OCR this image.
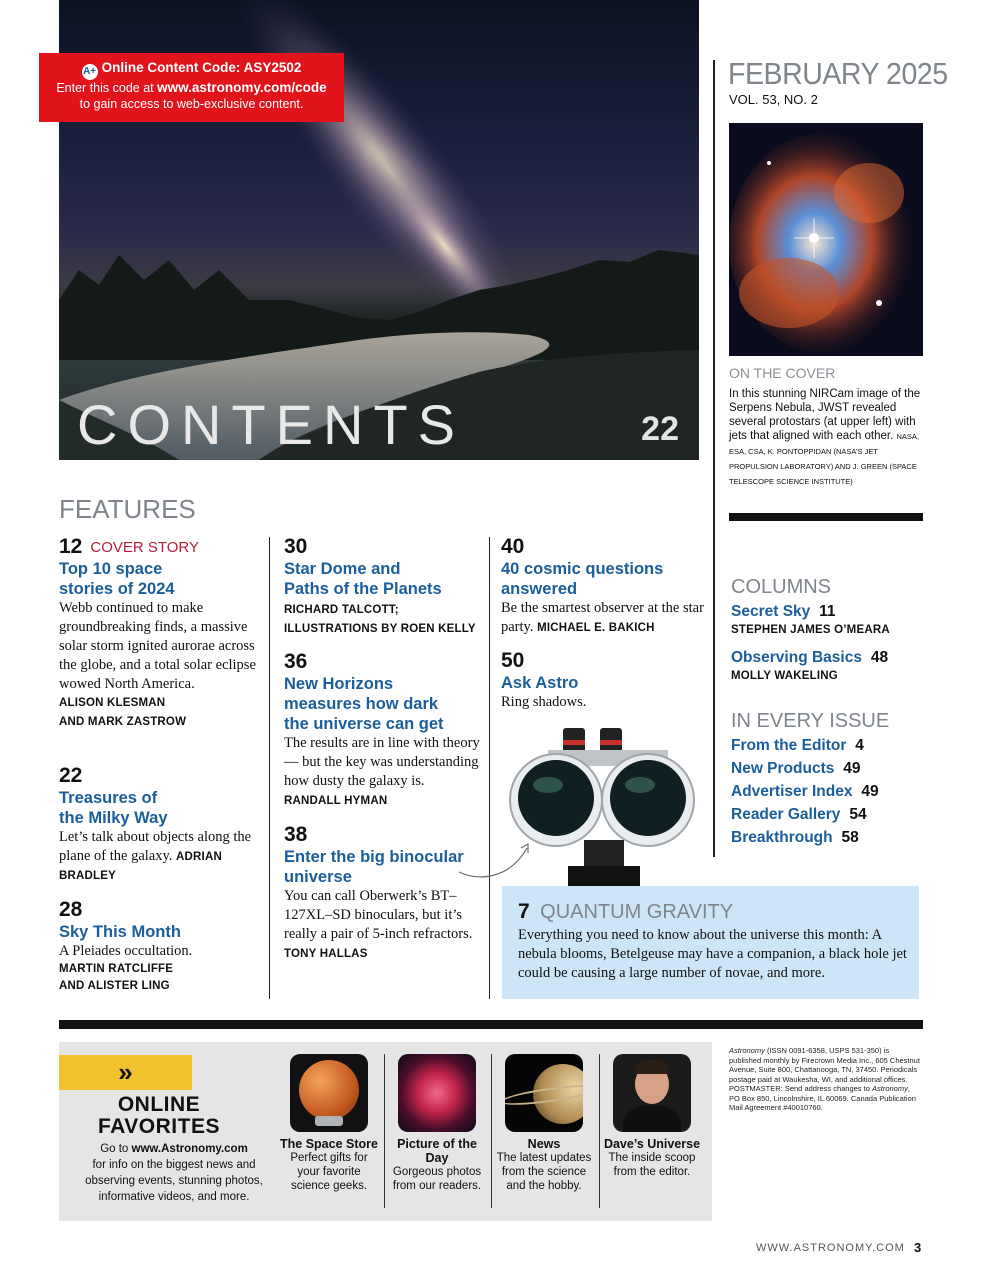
CONTENTS	22
A+ Online Content Code: ASY2502
Enter this code at www.astronomy.com/code
to gain access to web-exclusive content.
FEBRUARY 2025
VOL. 53, NO. 2
ON THE COVER
In this stunning NIRCam image of the Serpens Nebula, JWST revealed several protostars (at upper left) with jets that aligned with each other. NASA, ESA, CSA, K. PONTOPPIDAN (NASA’S JET PROPULSION LABORATORY) AND J. GREEN (SPACE TELESCOPE SCIENCE INSTITUTE)
COLUMNS
Secret Sky 11
STEPHEN JAMES O’MEARA
Observing Basics 48
MOLLY WAKELING
IN EVERY ISSUE
From the Editor 4
New Products 49
Advertiser Index 49
Reader Gallery 54
Breakthrough 58
FEATURES
12 COVER STORY
Top 10 space
stories of 2024
Webb continued to make groundbreaking finds, a massive solar storm ignited aurorae across the globe, and a total solar eclipse wowed North America.
ALISON KLESMAN
AND MARK ZASTROW
22
Treasures of
the Milky Way
Let’s talk about objects along the plane of the galaxy. ADRIAN BRADLEY
28
Sky This Month
A Pleiades occultation.
MARTIN RATCLIFFE
AND ALISTER LING
30
Star Dome and
Paths of the Planets
RICHARD TALCOTT;
ILLUSTRATIONS BY ROEN KELLY
36
New Horizons
measures how dark
the universe can get
The results are in line with theory — but the key was understanding how dusty the galaxy is. RANDALL HYMAN
38
Enter the big binocular
universe
You can call Oberwerk’s BT–127XL–SD binoculars, but it’s really a pair of 5-inch refractors. TONY HALLAS
40
40 cosmic questions
answered
Be the smartest observer at the star party. MICHAEL E. BAKICH
50
Ask Astro
Ring shadows.
7 QUANTUM GRAVITY
Everything you need to know about the universe this month: A nebula blooms, Betelgeuse may have a companion, a black hole jet could be causing a large number of novae, and more.
»
ONLINE
FAVORITES
Go to www.Astronomy.com
for info on the biggest news and observing events, stunning photos, informative videos, and more.
The Space Store
Perfect gifts for your favorite science geeks.
Picture of the Day
Gorgeous photos from our readers.
News
The latest updates from the science and the hobby.
Dave’s Universe
The inside scoop from the editor.
Astronomy (ISSN 0091-6358, USPS 531-350) is published monthly by Firecrown Media Inc., 605 Chestnut Avenue, Suite 800, Chattanooga, TN, 37450. Periodicals postage paid at Waukesha, WI, and additional offices. POSTMASTER: Send address changes to Astronomy, PO Box 850, Lincolnshire, IL 60069. Canada Publication Mail Agreement #40010760.
WWW.ASTRONOMY.COM 3
